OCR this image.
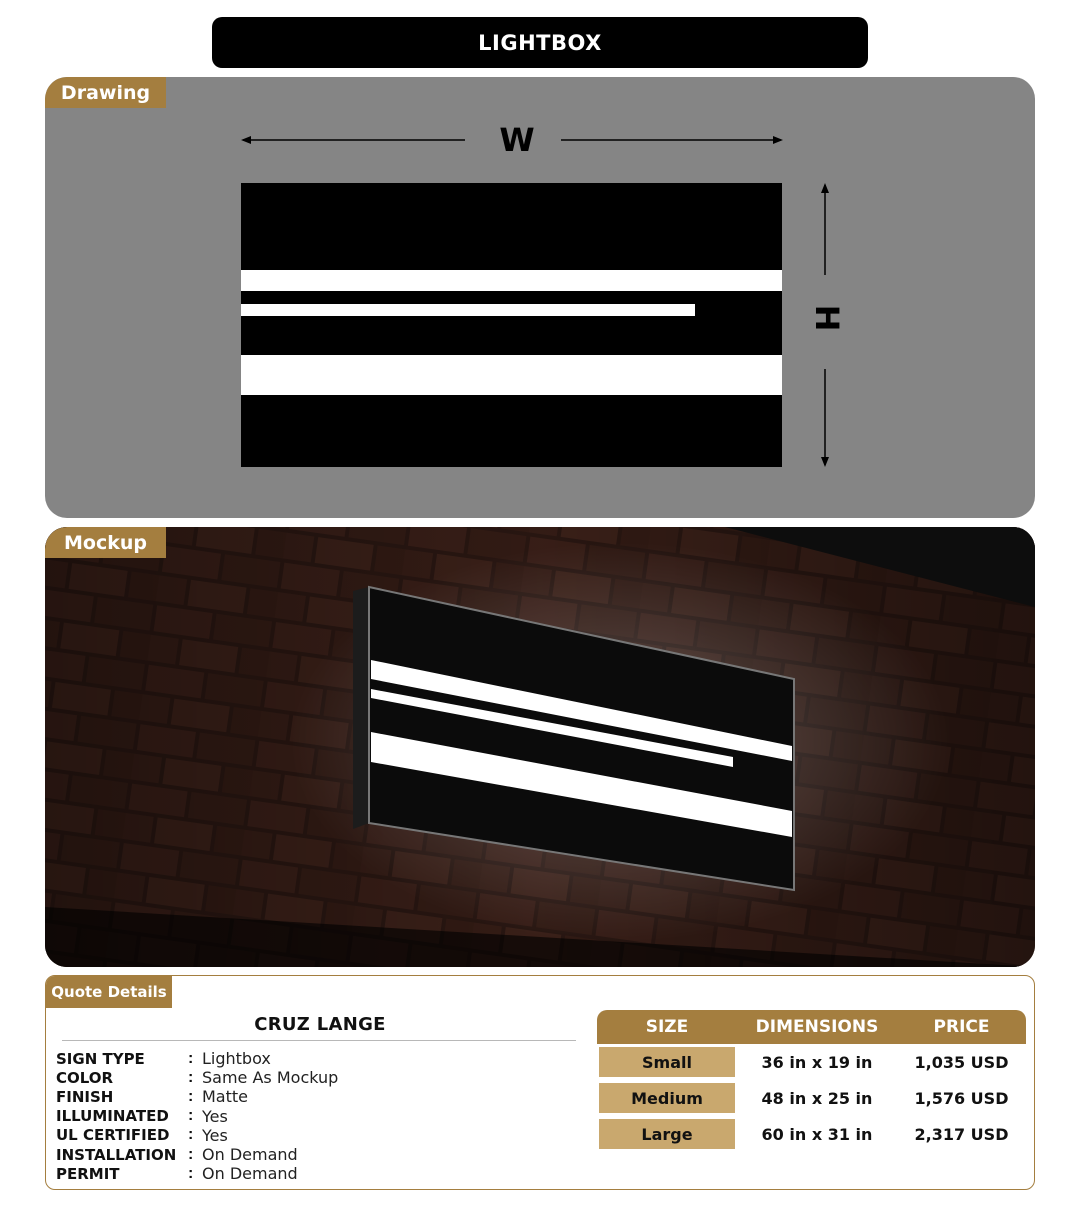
LIGHTBOX
Drawing
W
H
Mockup
Quote Details
CRUZ LANGE
SIGN TYPE	: Lightbox
COLOR	: Same As Mockup
FINISH	: Matte
ILLUMINATED	: Yes
UL CERTIFIED	: Yes
INSTALLATION : On Demand
PERMIT	: On Demand
SIZE	DIMENSIONS	PRICE
Small	36 in x 19 in	1,035 USD
Medium	48 in x 25 in	1,576 USD
Large	60 in x 31 in	2,317 USD
